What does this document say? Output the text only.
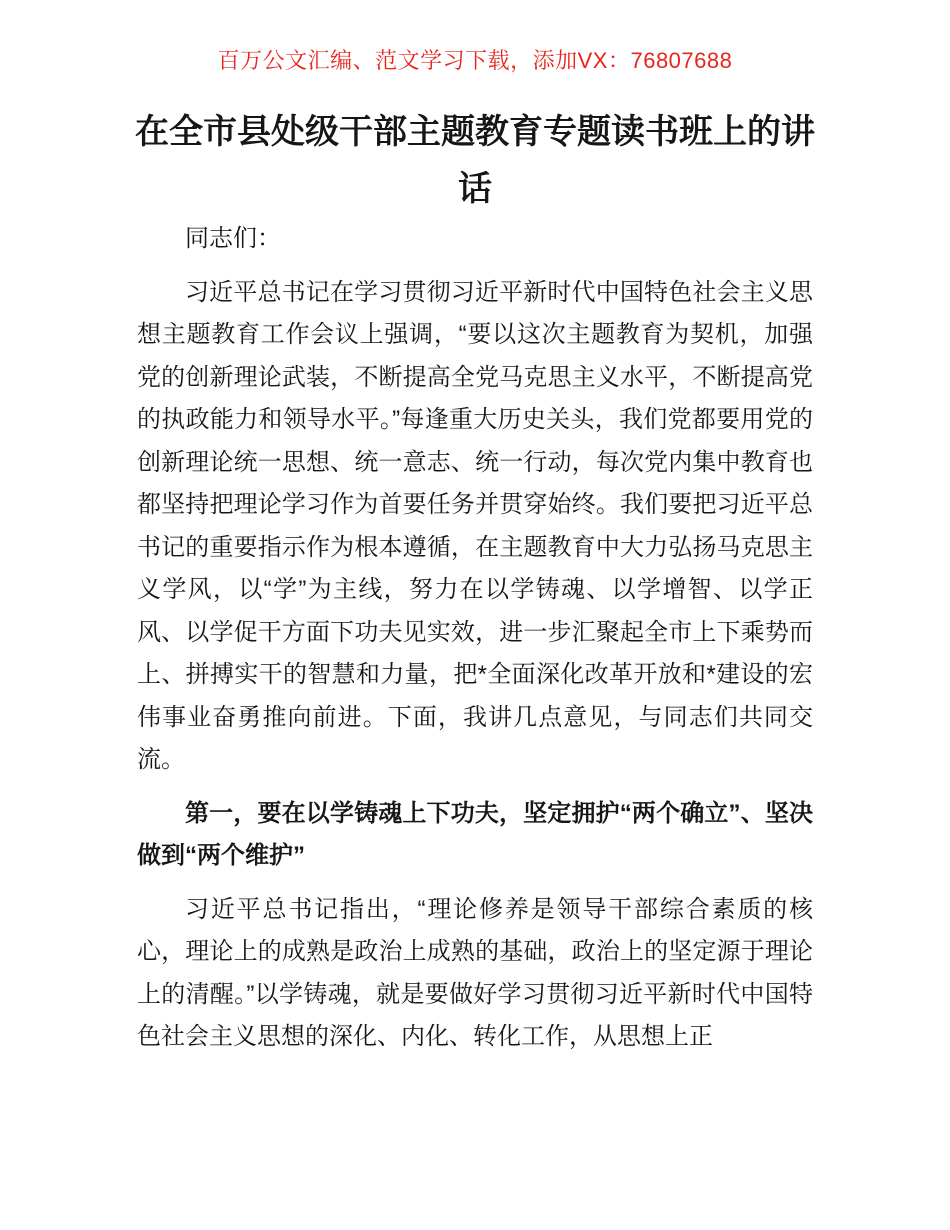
百万公文汇编、范文学习下载，添加VX：76807688
在全市县处级干部主题教育专题读书班上的讲话

同志们：

习近平总书记在学习贯彻习近平新时代中国特色社会主义思想主题教育工作会议上强调，“要以这次主题教育为契机，加强党的创新理论武装，不断提高全党马克思主义水平，不断提高党的执政能力和领导水平。”每逢重大历史关头，我们党都要用党的创新理论统一思想、统一意志、统一行动，每次党内集中教育也都坚持把理论学习作为首要任务并贯穿始终。我们要把习近平总书记的重要指示作为根本遵循，在主题教育中大力弘扬马克思主义学风，以“学”为主线，努力在以学铸魂、以学增智、以学正风、以学促干方面下功夫见实效，进一步汇聚起全市上下乘势而上、拼搏实干的智慧和力量，把*全面深化改革开放和*建设的宏伟事业奋勇推向前进。下面，我讲几点意见，与同志们共同交流。

第一，要在以学铸魂上下功夫，坚定拥护“两个确立”、坚决做到“两个维护”

习近平总书记指出，“理论修养是领导干部综合素质的核心，理论上的成熟是政治上成熟的基础，政治上的坚定源于理论上的清醒。”以学铸魂，就是要做好学习贯彻习近平新时代中国特色社会主义思想的深化、内化、转化工作，从思想上正
